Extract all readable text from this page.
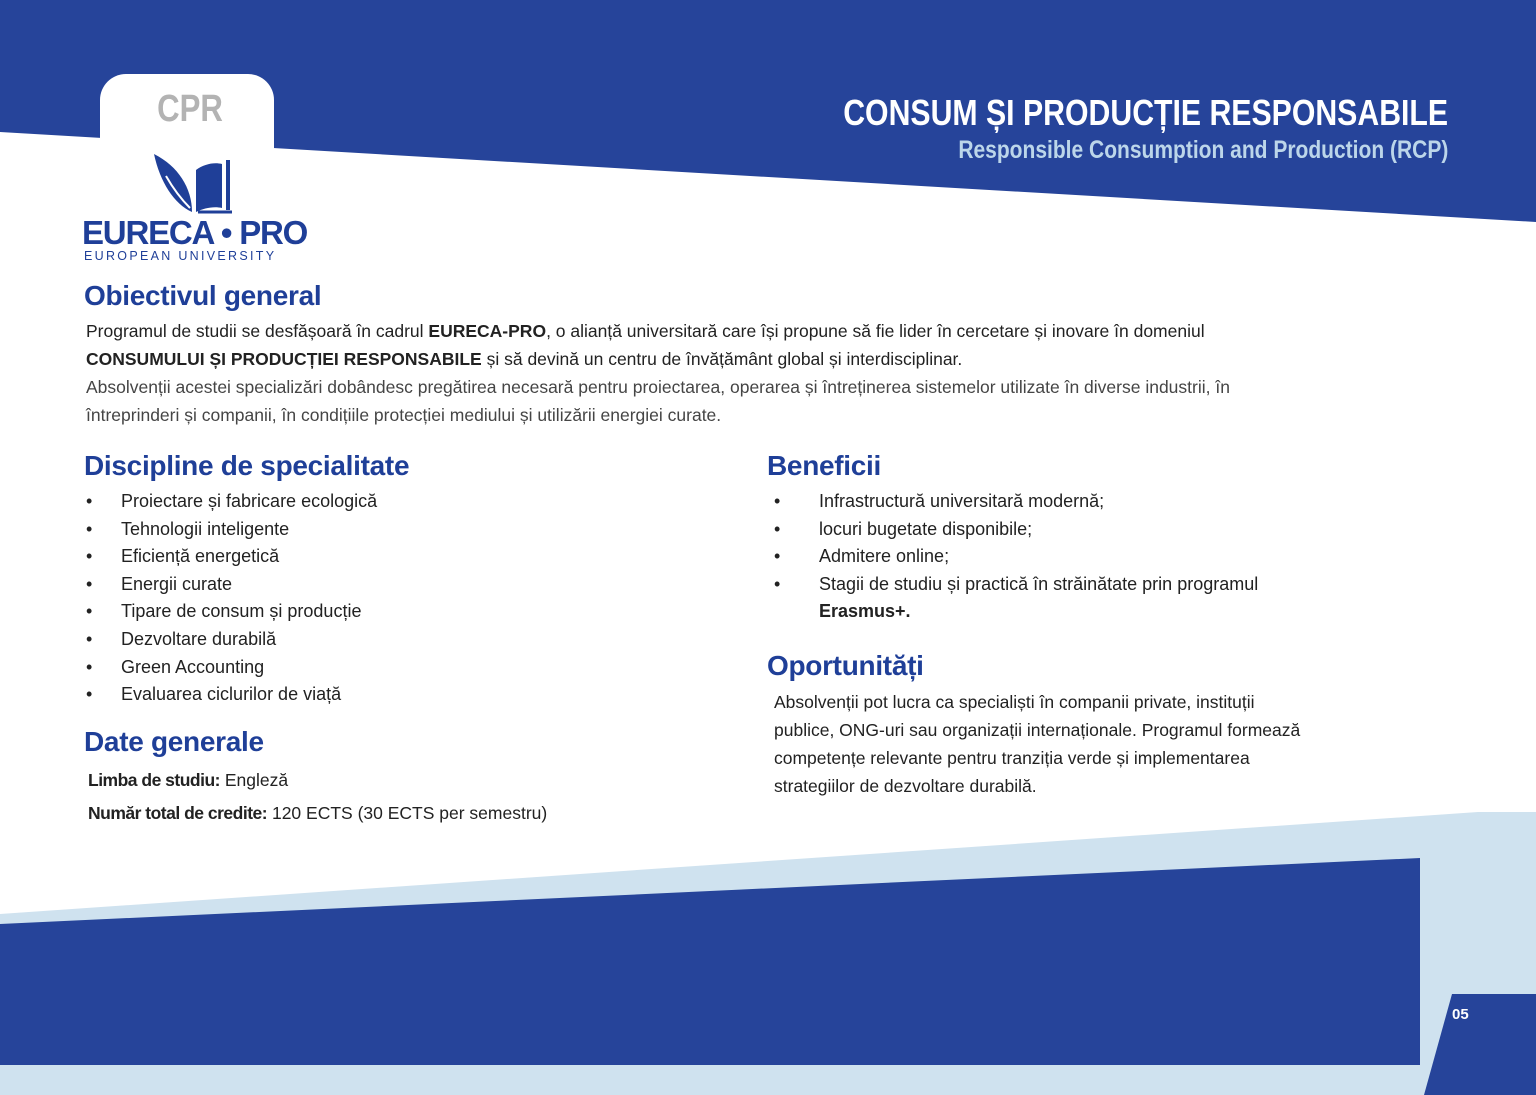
CPR
EURECA • PRO
EUROPEAN UNIVERSITY
CONSUM ȘI PRODUCȚIE RESPONSABILE
Responsible Consumption and Production (RCP)
Obiectivul general

Programul de studii se desfășoară în cadrul EURECA-PRO, o alianță universitară care își propune să fie lider în cercetare și inovare în domeniul
CONSUMULUI ȘI PRODUCȚIEI RESPONSABILE și să devină un centru de învățământ global și interdisciplinar.

Absolvenții acestei specializări dobândesc pregătirea necesară pentru proiectarea, operarea și întreținerea sistemelor utilizate în diverse industrii, în
întreprinderi și companii, în condițiile protecției mediului și utilizării energiei curate.

Discipline de specialitate
• Proiectare și fabricare ecologică
• Tehnologii inteligente
• Eficiență energetică
• Energii curate
• Tipare de consum și producție
• Dezvoltare durabilă
• Green Accounting
• Evaluarea ciclurilor de viață
Date generale
Limba de studiu: Engleză
Număr total de credite: 120 ECTS (30 ECTS per semestru)
Beneficii
• Infrastructură universitară modernă;
• locuri bugetate disponibile;
• Admitere online;
• Stagii de studiu și practică în străinătate prin programul
Erasmus+.
Oportunități

Absolvenții pot lucra ca specialiști în companii private, instituții
publice, ONG-uri sau organizații internaționale. Programul formează
competențe relevante pentru tranziția verde și implementarea
strategiilor de dezvoltare durabilă.

05
